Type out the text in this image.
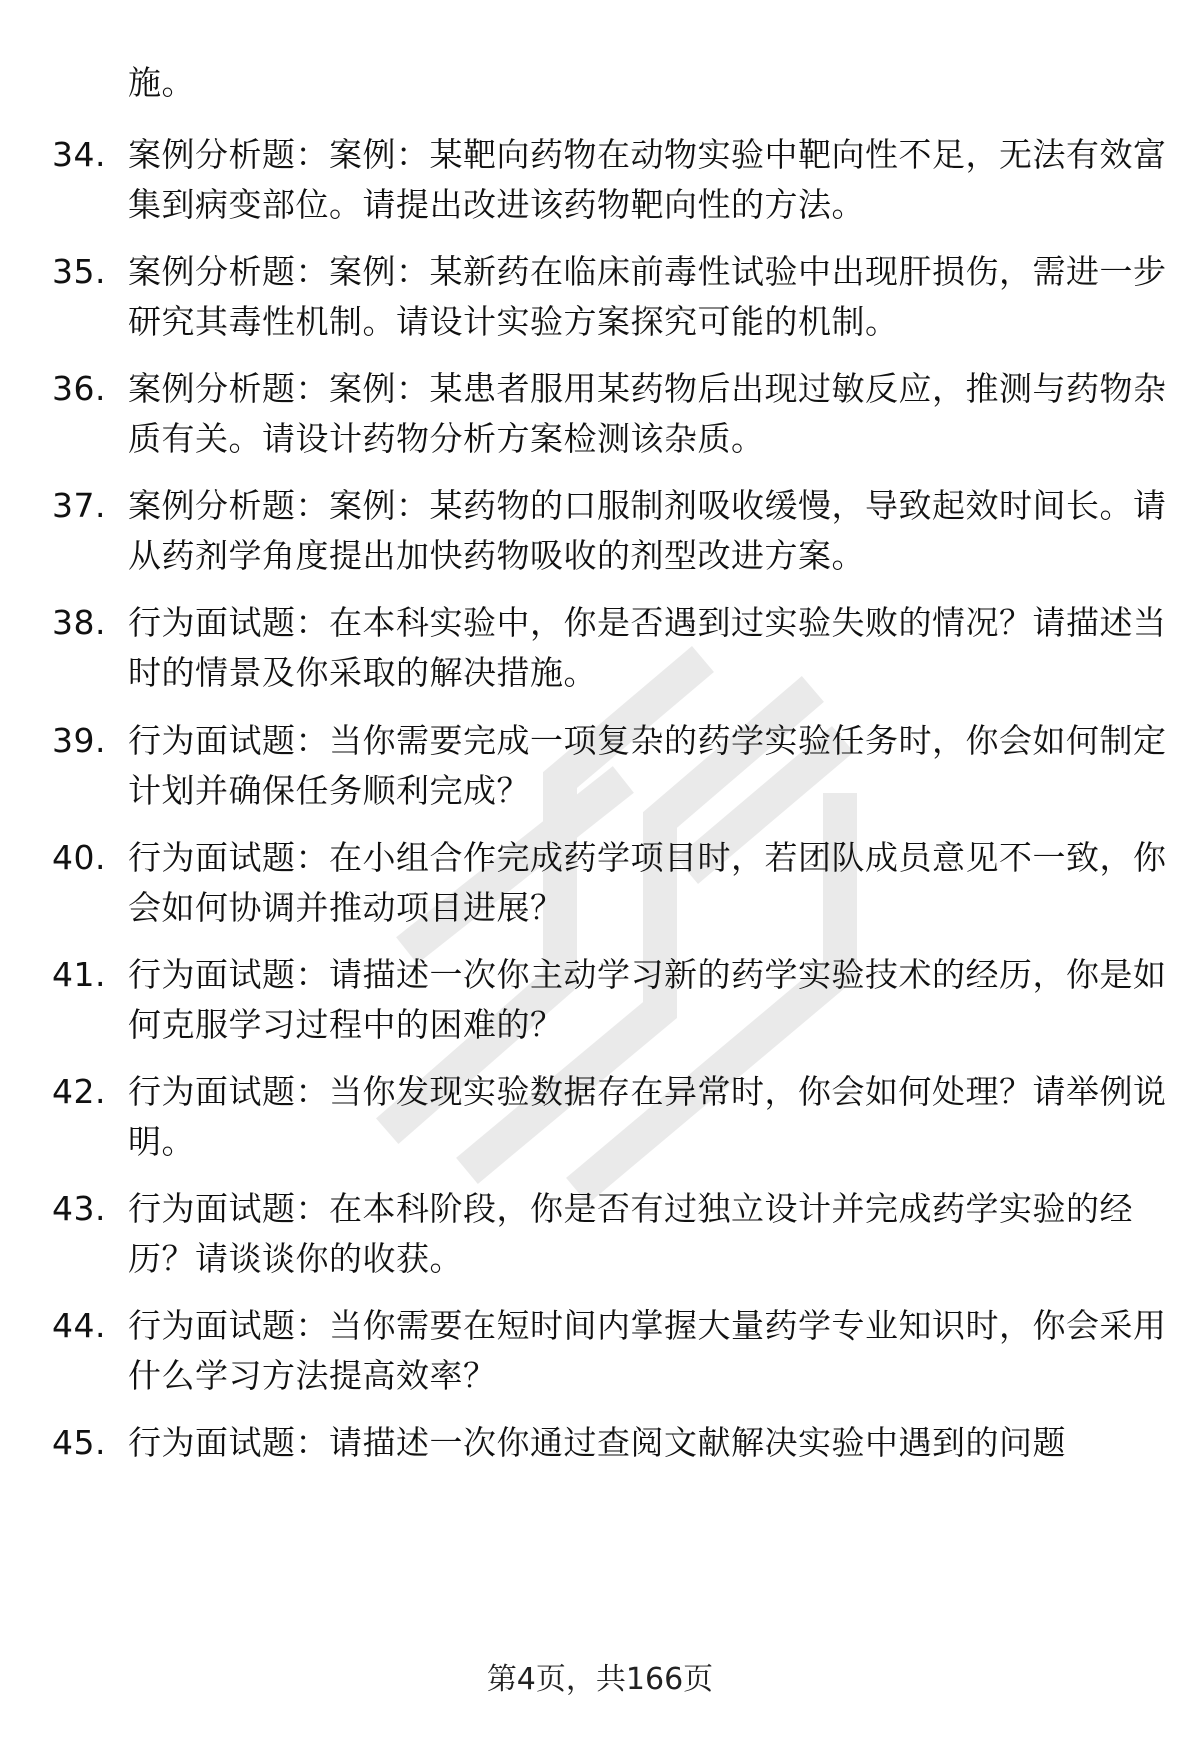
施。
34. 案例分析题：案例：某靶向药物在动物实验中靶向性不足，无法有效富集到病变部位。请提出改进该药物靶向性的方法。
35. 案例分析题：案例：某新药在临床前毒性试验中出现肝损伤，需进一步研究其毒性机制。请设计实验方案探究可能的机制。
36. 案例分析题：案例：某患者服用某药物后出现过敏反应，推测与药物杂质有关。请设计药物分析方案检测该杂质。
37. 案例分析题：案例：某药物的口服制剂吸收缓慢，导致起效时间长。请从药剂学角度提出加快药物吸收的剂型改进方案。
38. 行为面试题：在本科实验中，你是否遇到过实验失败的情况？请描述当时的情景及你采取的解决措施。
39. 行为面试题：当你需要完成一项复杂的药学实验任务时，你会如何制定计划并确保任务顺利完成？
40. 行为面试题：在小组合作完成药学项目时，若团队成员意见不一致，你会如何协调并推动项目进展？
41. 行为面试题：请描述一次你主动学习新的药学实验技术的经历，你是如何克服学习过程中的困难的？
42. 行为面试题：当你发现实验数据存在异常时，你会如何处理？请举例说明。
43. 行为面试题：在本科阶段，你是否有过独立设计并完成药学实验的经历？请谈谈你的收获。
44. 行为面试题：当你需要在短时间内掌握大量药学专业知识时，你会采用什么学习方法提高效率？
45. 行为面试题：请描述一次你通过查阅文献解决实验中遇到的问题
第4页，共166页
